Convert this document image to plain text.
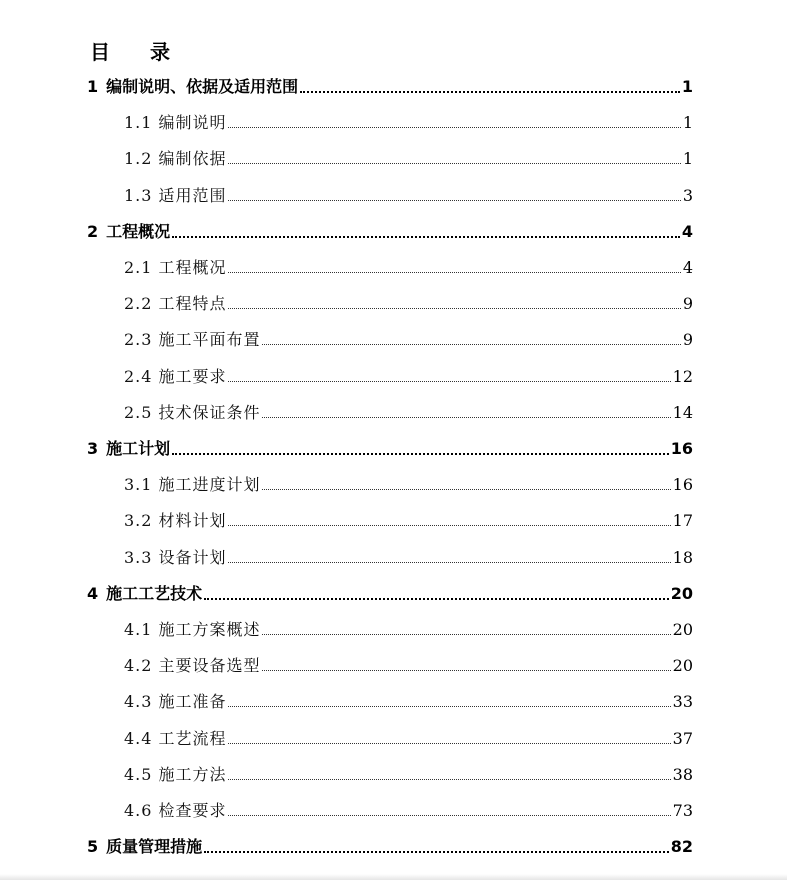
目 录
1 编制说明、依据及适用范围	1
1.1 编制说明	1
1.2 编制依据	1
1.3 适用范围	3
2 工程概况	4
2.1 工程概况	4
2.2 工程特点	9
2.3 施工平面布置	9
2.4 施工要求	12
2.5 技术保证条件	14
3 施工计划	16
3.1 施工进度计划	16
3.2 材料计划	17
3.3 设备计划	18
4 施工工艺技术	20
4.1 施工方案概述	20
4.2 主要设备选型	20
4.3 施工准备	33
4.4 工艺流程	37
4.5 施工方法	38
4.6 检查要求	73
5 质量管理措施	82
